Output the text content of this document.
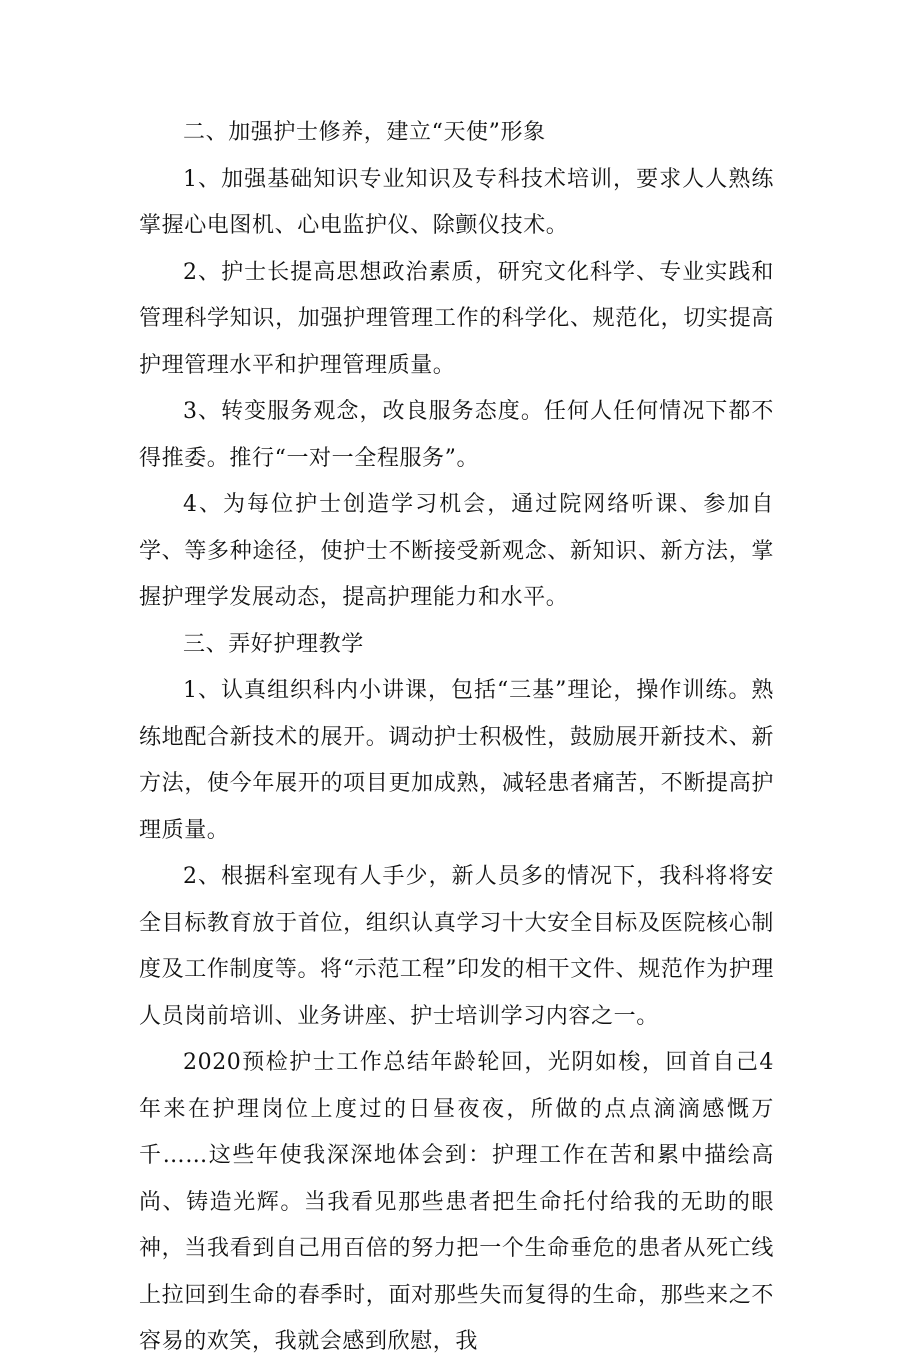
二、加强护士修养，建立“天使”形象

1、加强基础知识专业知识及专科技术培训，要求人人熟练掌握心电图机、心电监护仪、除颤仪技术。

2、护士长提高思想政治素质，研究文化科学、专业实践和管理科学知识，加强护理管理工作的科学化、规范化，切实提高护理管理水平和护理管理质量。

3、转变服务观念，改良服务态度。任何人任何情况下都不得推委。推行“一对一全程服务”。

4、为每位护士创造学习机会，通过院网络听课、参加自学、等多种途径，使护士不断接受新观念、新知识、新方法，掌握护理学发展动态，提高护理能力和水平。

三、弄好护理教学

1、认真组织科内小讲课，包括“三基”理论，操作训练。熟练地配合新技术的展开。调动护士积极性，鼓励展开新技术、新方法，使今年展开的项目更加成熟，减轻患者痛苦，不断提高护理质量。

2、根据科室现有人手少，新人员多的情况下，我科将将安全目标教育放于首位，组织认真学习十大安全目标及医院核心制度及工作制度等。将“示范工程”印发的相干文件、规范作为护理人员岗前培训、业务讲座、护士培训学习内容之一。

2020预检护士工作总结年龄轮回，光阴如梭，回首自己4年来在护理岗位上度过的日昼夜夜，所做的点点滴滴感慨万千……这些年使我深深地体会到：护理工作在苦和累中描绘高尚、铸造光辉。当我看见那些患者把生命托付给我的无助的眼神，当我看到自己用百倍的努力把一个生命垂危的患者从死亡线上拉回到生命的春季时，面对那些失而复得的生命，那些来之不容易的欢笑，我就会感到欣慰，我
